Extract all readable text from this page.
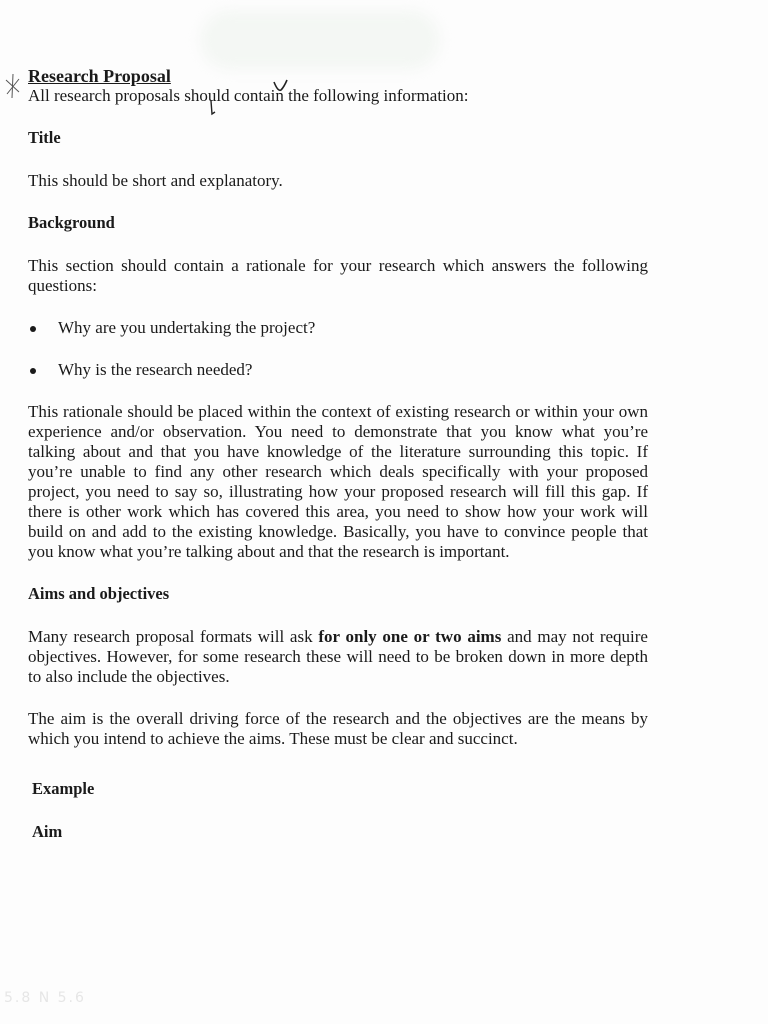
Research Proposal

All research proposals should contain the following information:

Title

This should be short and explanatory.

Background

This section should contain a rationale for your research which answers the following questions:

Why are you undertaking the project?
Why is the research needed?

This rationale should be placed within the context of existing research or within your own experience and/or observation. You need to demonstrate that you know what you’re talking about and that you have knowledge of the literature surrounding this topic. If you’re unable to find any other research which deals specifically with your proposed project, you need to say so, illustrating how your proposed research will fill this gap. If there is other work which has covered this area, you need to show how your work will build on and add to the existing knowledge. Basically, you have to convince people that you know what you’re talking about and that the research is important.

Aims and objectives

Many research proposal formats will ask for only one or two aims and may not require objectives. However, for some research these will need to be broken down in more depth to also include the objectives.

The aim is the overall driving force of the research and the objectives are the means by which you intend to achieve the aims. These must be clear and succinct.

Example

Aim

5.8 N 5.6
